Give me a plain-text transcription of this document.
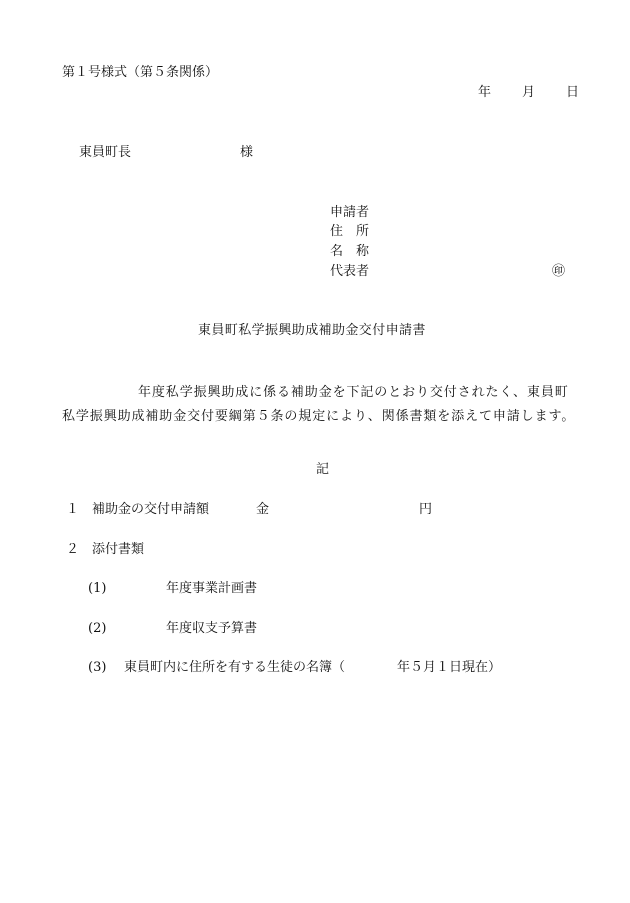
第１号様式（第５条関係）
年 月 日
東員町長	様
申請者
住　所
名　称
代表者	㊞
東員町私学振興助成補助金交付申請書
年度私学振興助成に係る補助金を下記のとおり交付されたく、東員町私学振興助成補助金交付要綱第５条の規定により、関係書類を添えて申請します。
記
１ 補助金の交付申請額	金	円
２ 添付書類
(1)	年度事業計画書
(2)	年度収支予算書
(3) 東員町内に住所を有する生徒の名簿（　　　　年５月１日現在）
